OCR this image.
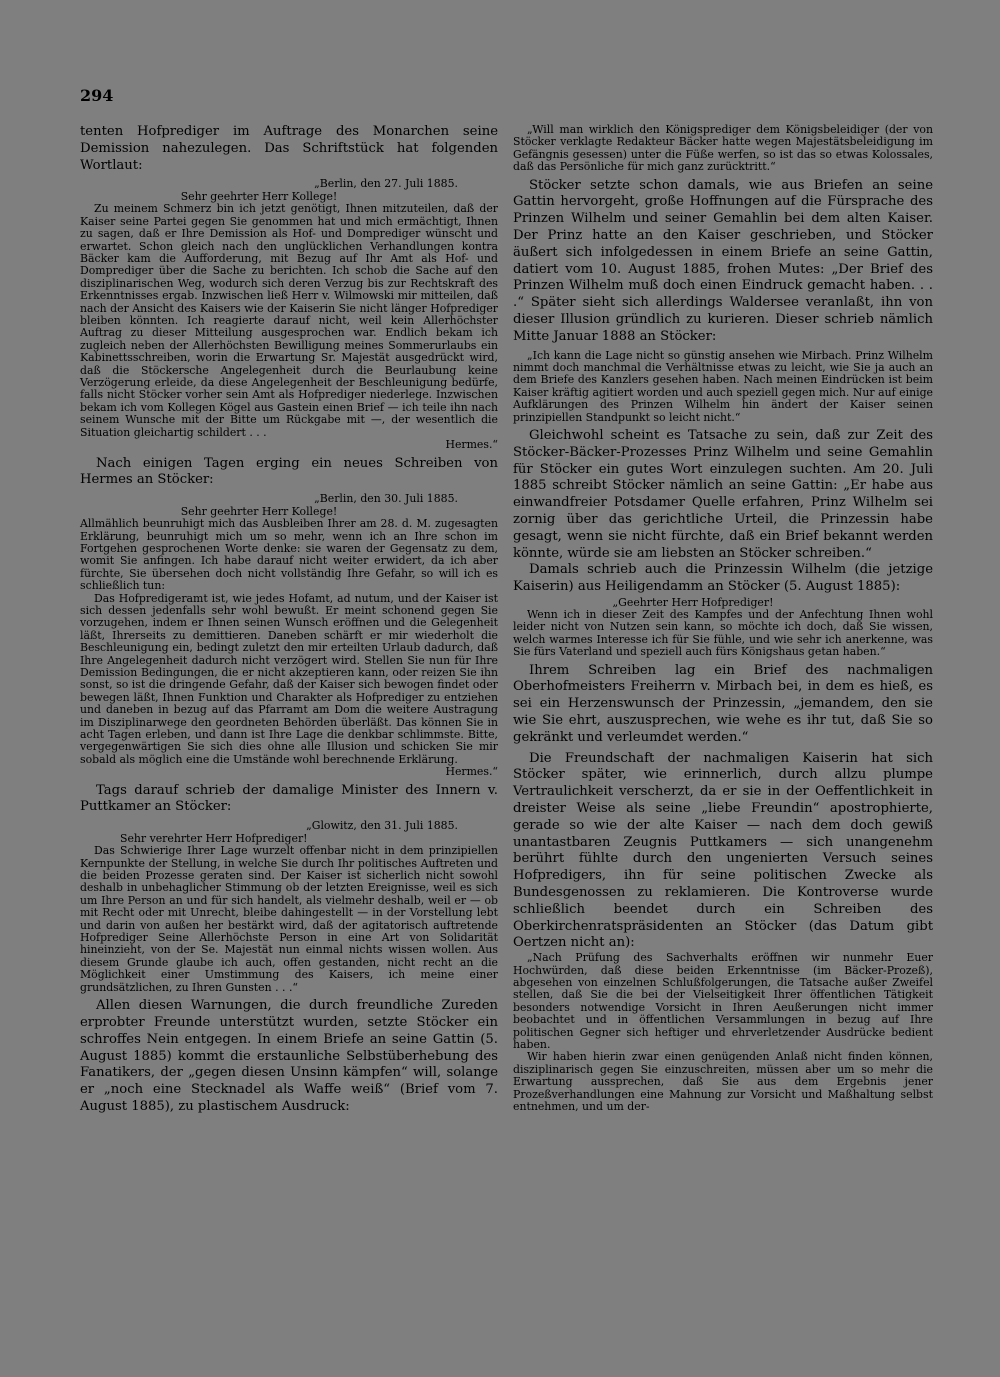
294

tenten Hofprediger im Auftrage des Monarchen seine Demission nahezulegen. Das Schriftstück hat folgenden Wortlaut:

„Berlin, den 27. Juli 1885.

Sehr geehrter Herr Kollege!

Zu meinem Schmerz bin ich jetzt genötigt, Ihnen mitzuteilen, daß der Kaiser seine Partei gegen Sie genommen hat und mich ermächtigt, Ihnen zu sagen, daß er Ihre Demission als Hof- und Domprediger wünscht und erwartet. Schon gleich nach den unglücklichen Verhandlungen kontra Bäcker kam die Aufforderung, mit Bezug auf Ihr Amt als Hof- und Domprediger über die Sache zu berichten. Ich schob die Sache auf den disziplinarischen Weg, wodurch sich deren Verzug bis zur Rechtskraft des Erkenntnisses ergab. Inzwischen ließ Herr v. Wilmowski mir mitteilen, daß nach der Ansicht des Kaisers wie der Kaiserin Sie nicht länger Hofprediger bleiben könnten. Ich reagierte darauf nicht, weil kein Allerhöchster Auftrag zu dieser Mitteilung ausgesprochen war. Endlich bekam ich zugleich neben der Allerhöchsten Bewilligung meines Sommerurlaubs ein Kabinettsschreiben, worin die Erwartung Sr. Majestät ausgedrückt wird, daß die Stöckersche Angelegenheit durch die Beurlaubung keine Verzögerung erleide, da diese Angelegenheit der Beschleunigung bedürfe, falls nicht Stöcker vorher sein Amt als Hofprediger niederlege. Inzwischen bekam ich vom Kollegen Kögel aus Gastein einen Brief — ich teile ihn nach seinem Wunsche mit der Bitte um Rückgabe mit —, der wesentlich die Situation gleichartig schildert . . .

Hermes.“

Nach einigen Tagen erging ein neues Schreiben von Hermes an Stöcker:

„Berlin, den 30. Juli 1885.

Sehr geehrter Herr Kollege!

Allmählich beunruhigt mich das Ausbleiben Ihrer am 28. d. M. zugesagten Erklärung, beunruhigt mich um so mehr, wenn ich an Ihre schon im Fortgehen gesprochenen Worte denke: sie waren der Gegensatz zu dem, womit Sie anfingen. Ich habe darauf nicht weiter erwidert, da ich aber fürchte, Sie übersehen doch nicht vollständig Ihre Gefahr, so will ich es schließlich tun:

Das Hofpredigeramt ist, wie jedes Hofamt, ad nutum, und der Kaiser ist sich dessen jedenfalls sehr wohl bewußt. Er meint schonend gegen Sie vorzugehen, indem er Ihnen seinen Wunsch eröffnen und die Gelegenheit läßt, Ihrerseits zu demittieren. Daneben schärft er mir wiederholt die Beschleunigung ein, bedingt zuletzt den mir erteilten Urlaub dadurch, daß Ihre Angelegenheit dadurch nicht verzögert wird. Stellen Sie nun für Ihre Demission Bedingungen, die er nicht akzeptieren kann, oder reizen Sie ihn sonst, so ist die dringende Gefahr, daß der Kaiser sich bewogen findet oder bewegen läßt, Ihnen Funktion und Charakter als Hofprediger zu entziehen und daneben in bezug auf das Pfarramt am Dom die weitere Austragung im Disziplinarwege den geordneten Behörden überläßt. Das können Sie in acht Tagen erleben, und dann ist Ihre Lage die denkbar schlimmste. Bitte, vergegenwärtigen Sie sich dies ohne alle Illusion und schicken Sie mir sobald als möglich eine die Umstände wohl berechnende Erklärung.

Hermes.“

Tags darauf schrieb der damalige Minister des Innern v. Puttkamer an Stöcker:

„Glowitz, den 31. Juli 1885.

Sehr verehrter Herr Hofprediger!

Das Schwierige Ihrer Lage wurzelt offenbar nicht in dem prinzipiellen Kernpunkte der Stellung, in welche Sie durch Ihr politisches Auftreten und die beiden Prozesse geraten sind. Der Kaiser ist sicherlich nicht sowohl deshalb in unbehaglicher Stimmung ob der letzten Ereignisse, weil es sich um Ihre Person an und für sich handelt, als vielmehr deshalb, weil er — ob mit Recht oder mit Unrecht, bleibe dahingestellt — in der Vorstellung lebt und darin von außen her bestärkt wird, daß der agitatorisch auftretende Hofprediger Seine Allerhöchste Person in eine Art von Solidarität hineinzieht, von der Se. Majestät nun einmal nichts wissen wollen. Aus diesem Grunde glaube ich auch, offen gestanden, nicht recht an die Möglichkeit einer Umstimmung des Kaisers, ich meine einer grundsätzlichen, zu Ihren Gunsten . . .“

Allen diesen Warnungen, die durch freundliche Zureden erprobter Freunde unterstützt wurden, setzte Stöcker ein schroffes Nein entgegen. In einem Briefe an seine Gattin (5. August 1885) kommt die erstaunliche Selbstüberhebung des Fanatikers, der „gegen diesen Unsinn kämpfen“ will, solange er „noch eine Stecknadel als Waffe weiß“ (Brief vom 7. August 1885), zu plastischem Ausdruck:

„Will man wirklich den Königsprediger dem Königsbeleidiger (der von Stöcker verklagte Redakteur Bäcker hatte wegen Majestätsbeleidigung im Gefängnis gesessen) unter die Füße werfen, so ist das so etwas Kolossales, daß das Persönliche für mich ganz zurücktritt.“

Stöcker setzte schon damals, wie aus Briefen an seine Gattin hervorgeht, große Hoffnungen auf die Fürsprache des Prinzen Wilhelm und seiner Gemahlin bei dem alten Kaiser. Der Prinz hatte an den Kaiser geschrieben, und Stöcker äußert sich infolgedessen in einem Briefe an seine Gattin, datiert vom 10. August 1885, frohen Mutes: „Der Brief des Prinzen Wilhelm muß doch einen Eindruck gemacht haben. . . .“ Später sieht sich allerdings Waldersee veranlaßt, ihn von dieser Illusion gründlich zu kurieren. Dieser schrieb nämlich Mitte Januar 1888 an Stöcker:

„Ich kann die Lage nicht so günstig ansehen wie Mirbach. Prinz Wilhelm nimmt doch manchmal die Verhältnisse etwas zu leicht, wie Sie ja auch an dem Briefe des Kanzlers gesehen haben. Nach meinen Eindrücken ist beim Kaiser kräftig agitiert worden und auch speziell gegen mich. Nur auf einige Aufklärungen des Prinzen Wilhelm hin ändert der Kaiser seinen prinzipiellen Standpunkt so leicht nicht.“

Gleichwohl scheint es Tatsache zu sein, daß zur Zeit des Stöcker-Bäcker-Prozesses Prinz Wilhelm und seine Gemahlin für Stöcker ein gutes Wort einzulegen suchten. Am 20. Juli 1885 schreibt Stöcker nämlich an seine Gattin: „Er habe aus einwandfreier Potsdamer Quelle erfahren, Prinz Wilhelm sei zornig über das gerichtliche Urteil, die Prinzessin habe gesagt, wenn sie nicht fürchte, daß ein Brief bekannt werden könnte, würde sie am liebsten an Stöcker schreiben.“

Damals schrieb auch die Prinzessin Wilhelm (die jetzige Kaiserin) aus Heiligendamm an Stöcker (5. August 1885):

„Geehrter Herr Hofprediger!

Wenn ich in dieser Zeit des Kampfes und der Anfechtung Ihnen wohl leider nicht von Nutzen sein kann, so möchte ich doch, daß Sie wissen, welch warmes Interesse ich für Sie fühle, und wie sehr ich anerkenne, was Sie fürs Vaterland und speziell auch fürs Königshaus getan haben.“

Ihrem Schreiben lag ein Brief des nachmaligen Oberhofmeisters Freiherrn v. Mirbach bei, in dem es hieß, es sei ein Herzenswunsch der Prinzessin, „jemandem, den sie wie Sie ehrt, auszusprechen, wie wehe es ihr tut, daß Sie so gekränkt und verleumdet werden.“

Die Freundschaft der nachmaligen Kaiserin hat sich Stöcker später, wie erinnerlich, durch allzu plumpe Vertraulichkeit verscherzt, da er sie in der Oeffentlichkeit in dreister Weise als seine „liebe Freundin“ apostrophierte, gerade so wie der alte Kaiser — nach dem doch gewiß unantastbaren Zeugnis Puttkamers — sich unangenehm berührt fühlte durch den ungenierten Versuch seines Hofpredigers, ihn für seine politischen Zwecke als Bundesgenossen zu reklamieren. Die Kontroverse wurde schließlich beendet durch ein Schreiben des Oberkirchenratspräsidenten an Stöcker (das Datum gibt Oertzen nicht an):

„Nach Prüfung des Sachverhalts eröffnen wir nunmehr Euer Hochwürden, daß diese beiden Erkenntnisse (im Bäcker-Prozeß), abgesehen von einzelnen Schlußfolgerungen, die Tatsache außer Zweifel stellen, daß Sie die bei der Vielseitigkeit Ihrer öffentlichen Tätigkeit besonders notwendige Vorsicht in Ihren Aeußerungen nicht immer beobachtet und in öffentlichen Versammlungen in bezug auf Ihre politischen Gegner sich heftiger und ehrverletzender Ausdrücke bedient haben.

Wir haben hierin zwar einen genügenden Anlaß nicht finden können, disziplinarisch gegen Sie einzuschreiten, müssen aber um so mehr die Erwartung aussprechen, daß Sie aus dem Ergebnis jener Prozeßverhandlungen eine Mahnung zur Vorsicht und Maßhaltung selbst entnehmen, und um der-
